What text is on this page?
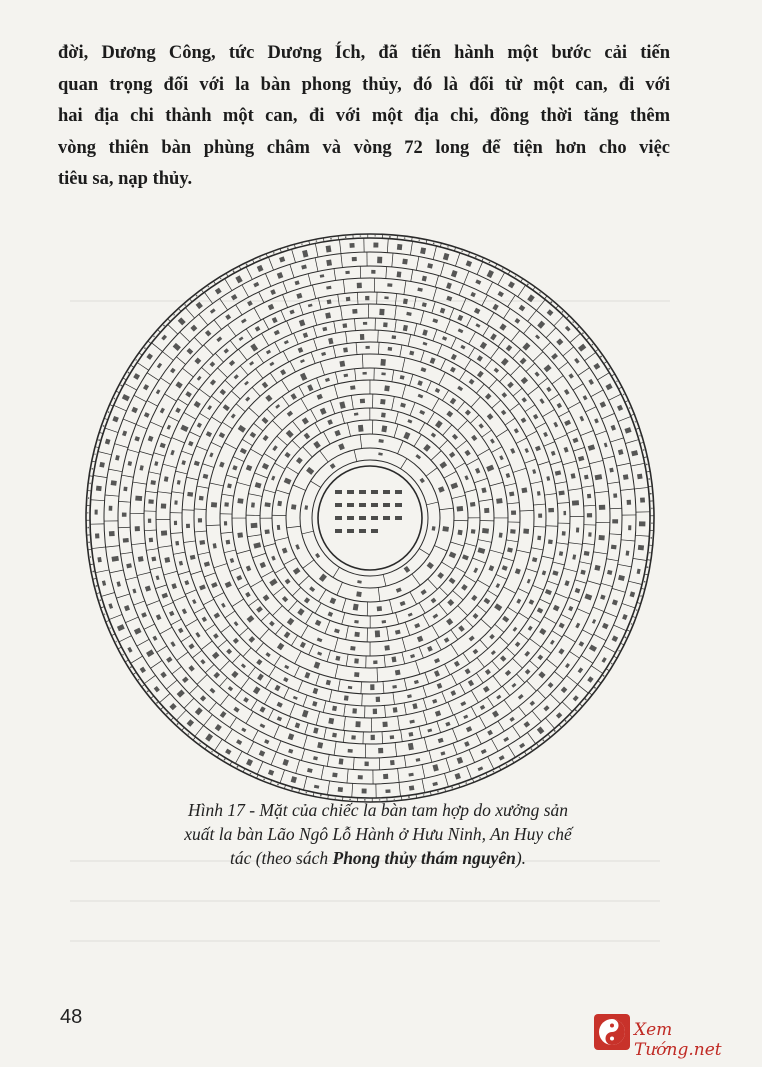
đời, Dương Công, tức Dương Ích, đã tiến hành một bước cải tiến
quan trọng đối với la bàn phong thủy, đó là đổi từ một can, đi với
hai địa chi thành một can, đi với một địa chi, đồng thời tăng thêm
vòng thiên bàn phùng châm và vòng 72 long để tiện hơn cho việc
tiêu sa, nạp thủy.
Hình 17 - Mặt của chiếc la bàn tam hợp do xưởng sản
xuất la bàn Lão Ngô Lỗ Hành ở Hưu Ninh, An Huy chế
tác (theo sách Phong thủy thám nguyên).
48
Xem Tướng.net
